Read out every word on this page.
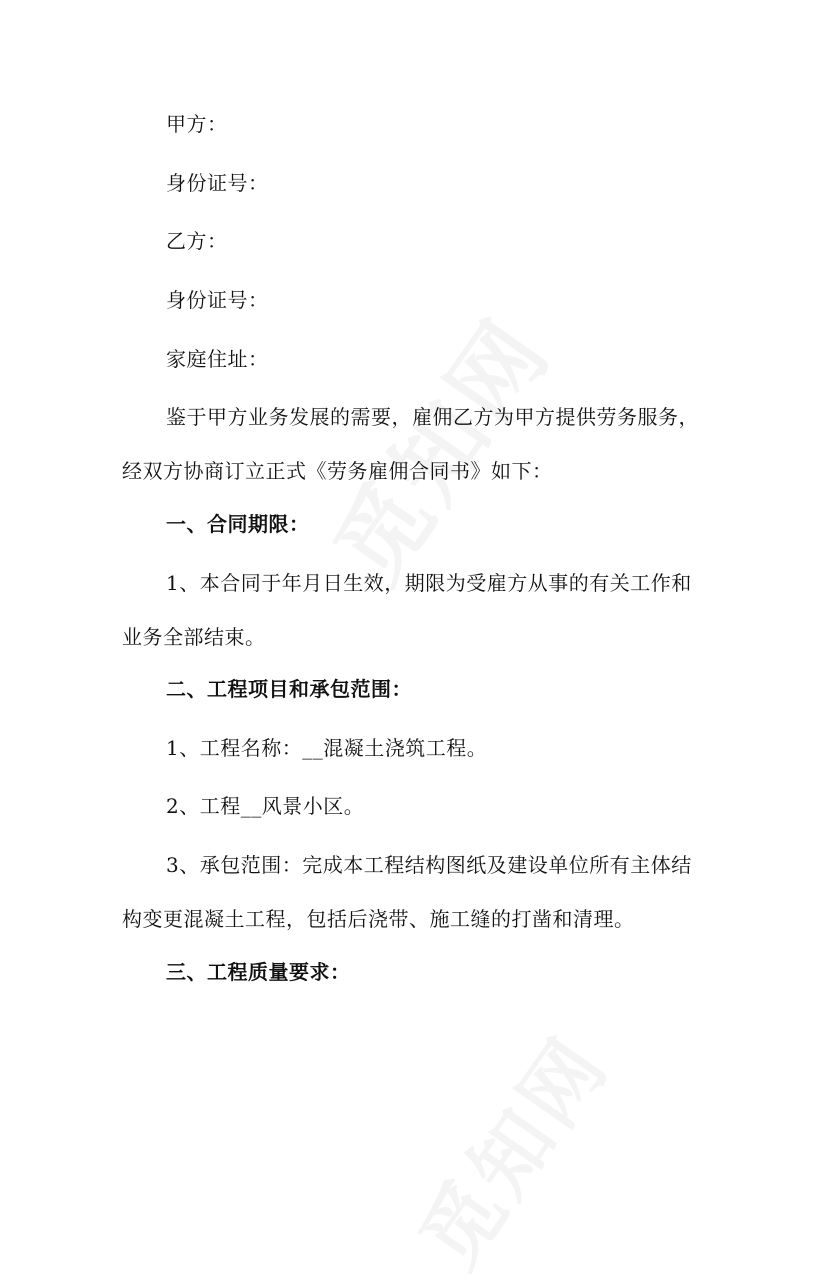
甲方：
身份证号：
乙方：
身份证号：
家庭住址：
鉴于甲方业务发展的需要，雇佣乙方为甲方提供劳务服务，
经双方协商订立正式《劳务雇佣合同书》如下：
一、合同期限：
1、本合同于年月日生效，期限为受雇方从事的有关工作和
业务全部结束。
二、工程项目和承包范围：
1、工程名称：__混凝土浇筑工程。
2、工程__风景小区。
3、承包范围：完成本工程结构图纸及建设单位所有主体结
构变更混凝土工程，包括后浇带、施工缝的打凿和清理。
三、工程质量要求：
